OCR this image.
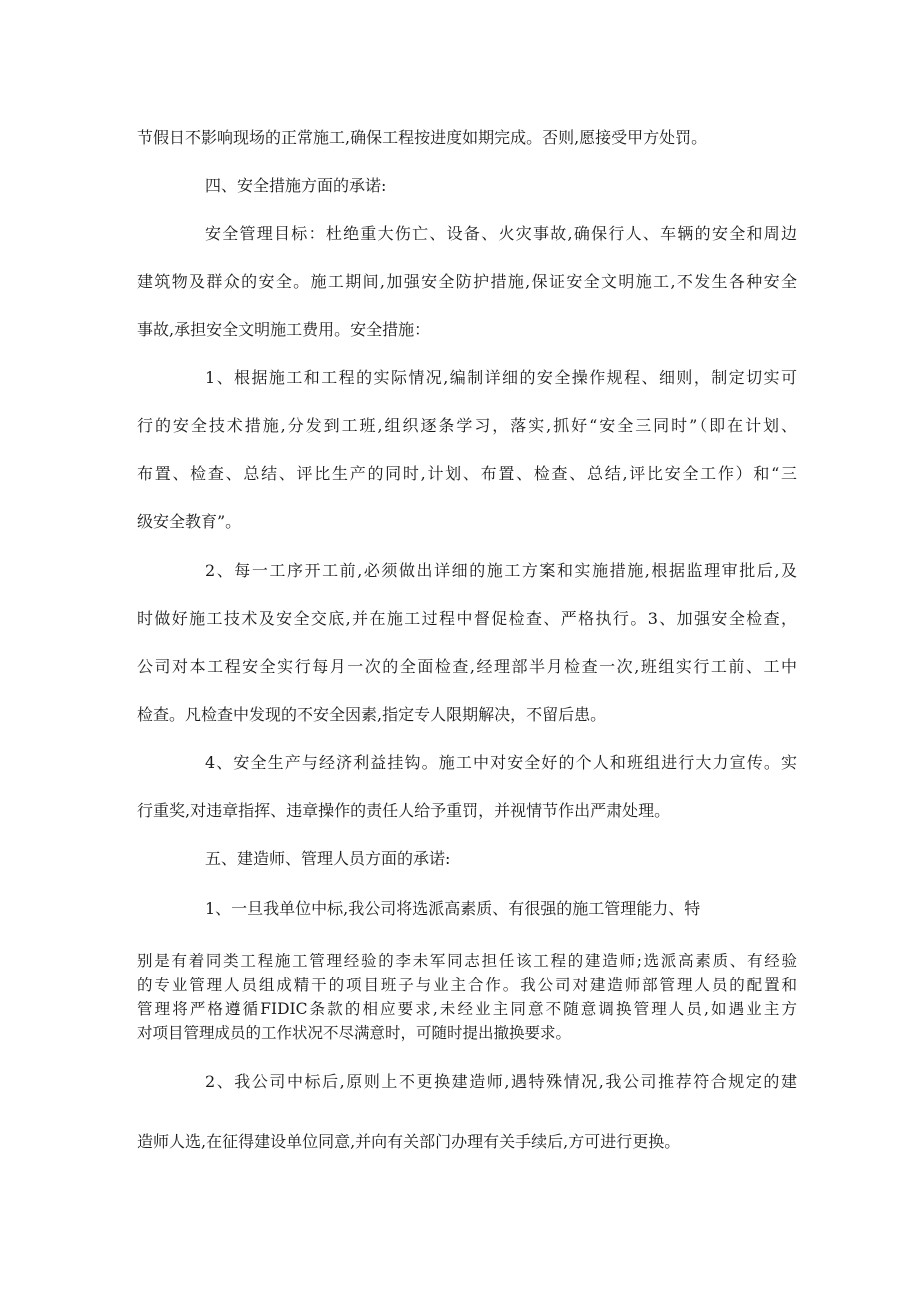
节假日不影响现场的正常施工,确保工程按进度如期完成。否则,愿接受甲方处罚。
四、安全措施方面的承诺:
安全管理目标：杜绝重大伤亡、设备、火灾事故,确保行人、车辆的安全和周边
建筑物及群众的安全。施工期间,加强安全防护措施,保证安全文明施工,不发生各种安全
事故,承担安全文明施工费用。安全措施：
1、根据施工和工程的实际情况,编制详细的安全操作规程、细则，制定切实可
行的安全技术措施,分发到工班,组织逐条学习，落实,抓好“安全三同时”（即在计划、
布置、检查、总结、评比生产的同时,计划、布置、检查、总结,评比安全工作）和“三
级安全教育”。
2、每一工序开工前,必须做出详细的施工方案和实施措施,根据监理审批后,及
时做好施工技术及安全交底,并在施工过程中督促检查、严格执行。3、加强安全检查，
公司对本工程安全实行每月一次的全面检查,经理部半月检查一次,班组实行工前、工中
检查。凡检查中发现的不安全因素,指定专人限期解决，不留后患。
4、安全生产与经济利益挂钩。施工中对安全好的个人和班组进行大力宣传。实
行重奖,对违章指挥、违章操作的责任人给予重罚，并视情节作出严肃处理。
五、建造师、管理人员方面的承诺:
1、一旦我单位中标,我公司将选派高素质、有很强的施工管理能力、特
别是有着同类工程施工管理经验的李未军同志担任该工程的建造师;选派高素质、有经验
的专业管理人员组成精干的项目班子与业主合作。我公司对建造师部管理人员的配置和
管理将严格遵循FIDIC条款的相应要求,未经业主同意不随意调换管理人员,如遇业主方
对项目管理成员的工作状况不尽满意时，可随时提出撤换要求。
2、我公司中标后,原则上不更换建造师,遇特殊情况,我公司推荐符合规定的建
造师人选,在征得建设单位同意,并向有关部门办理有关手续后,方可进行更换。
